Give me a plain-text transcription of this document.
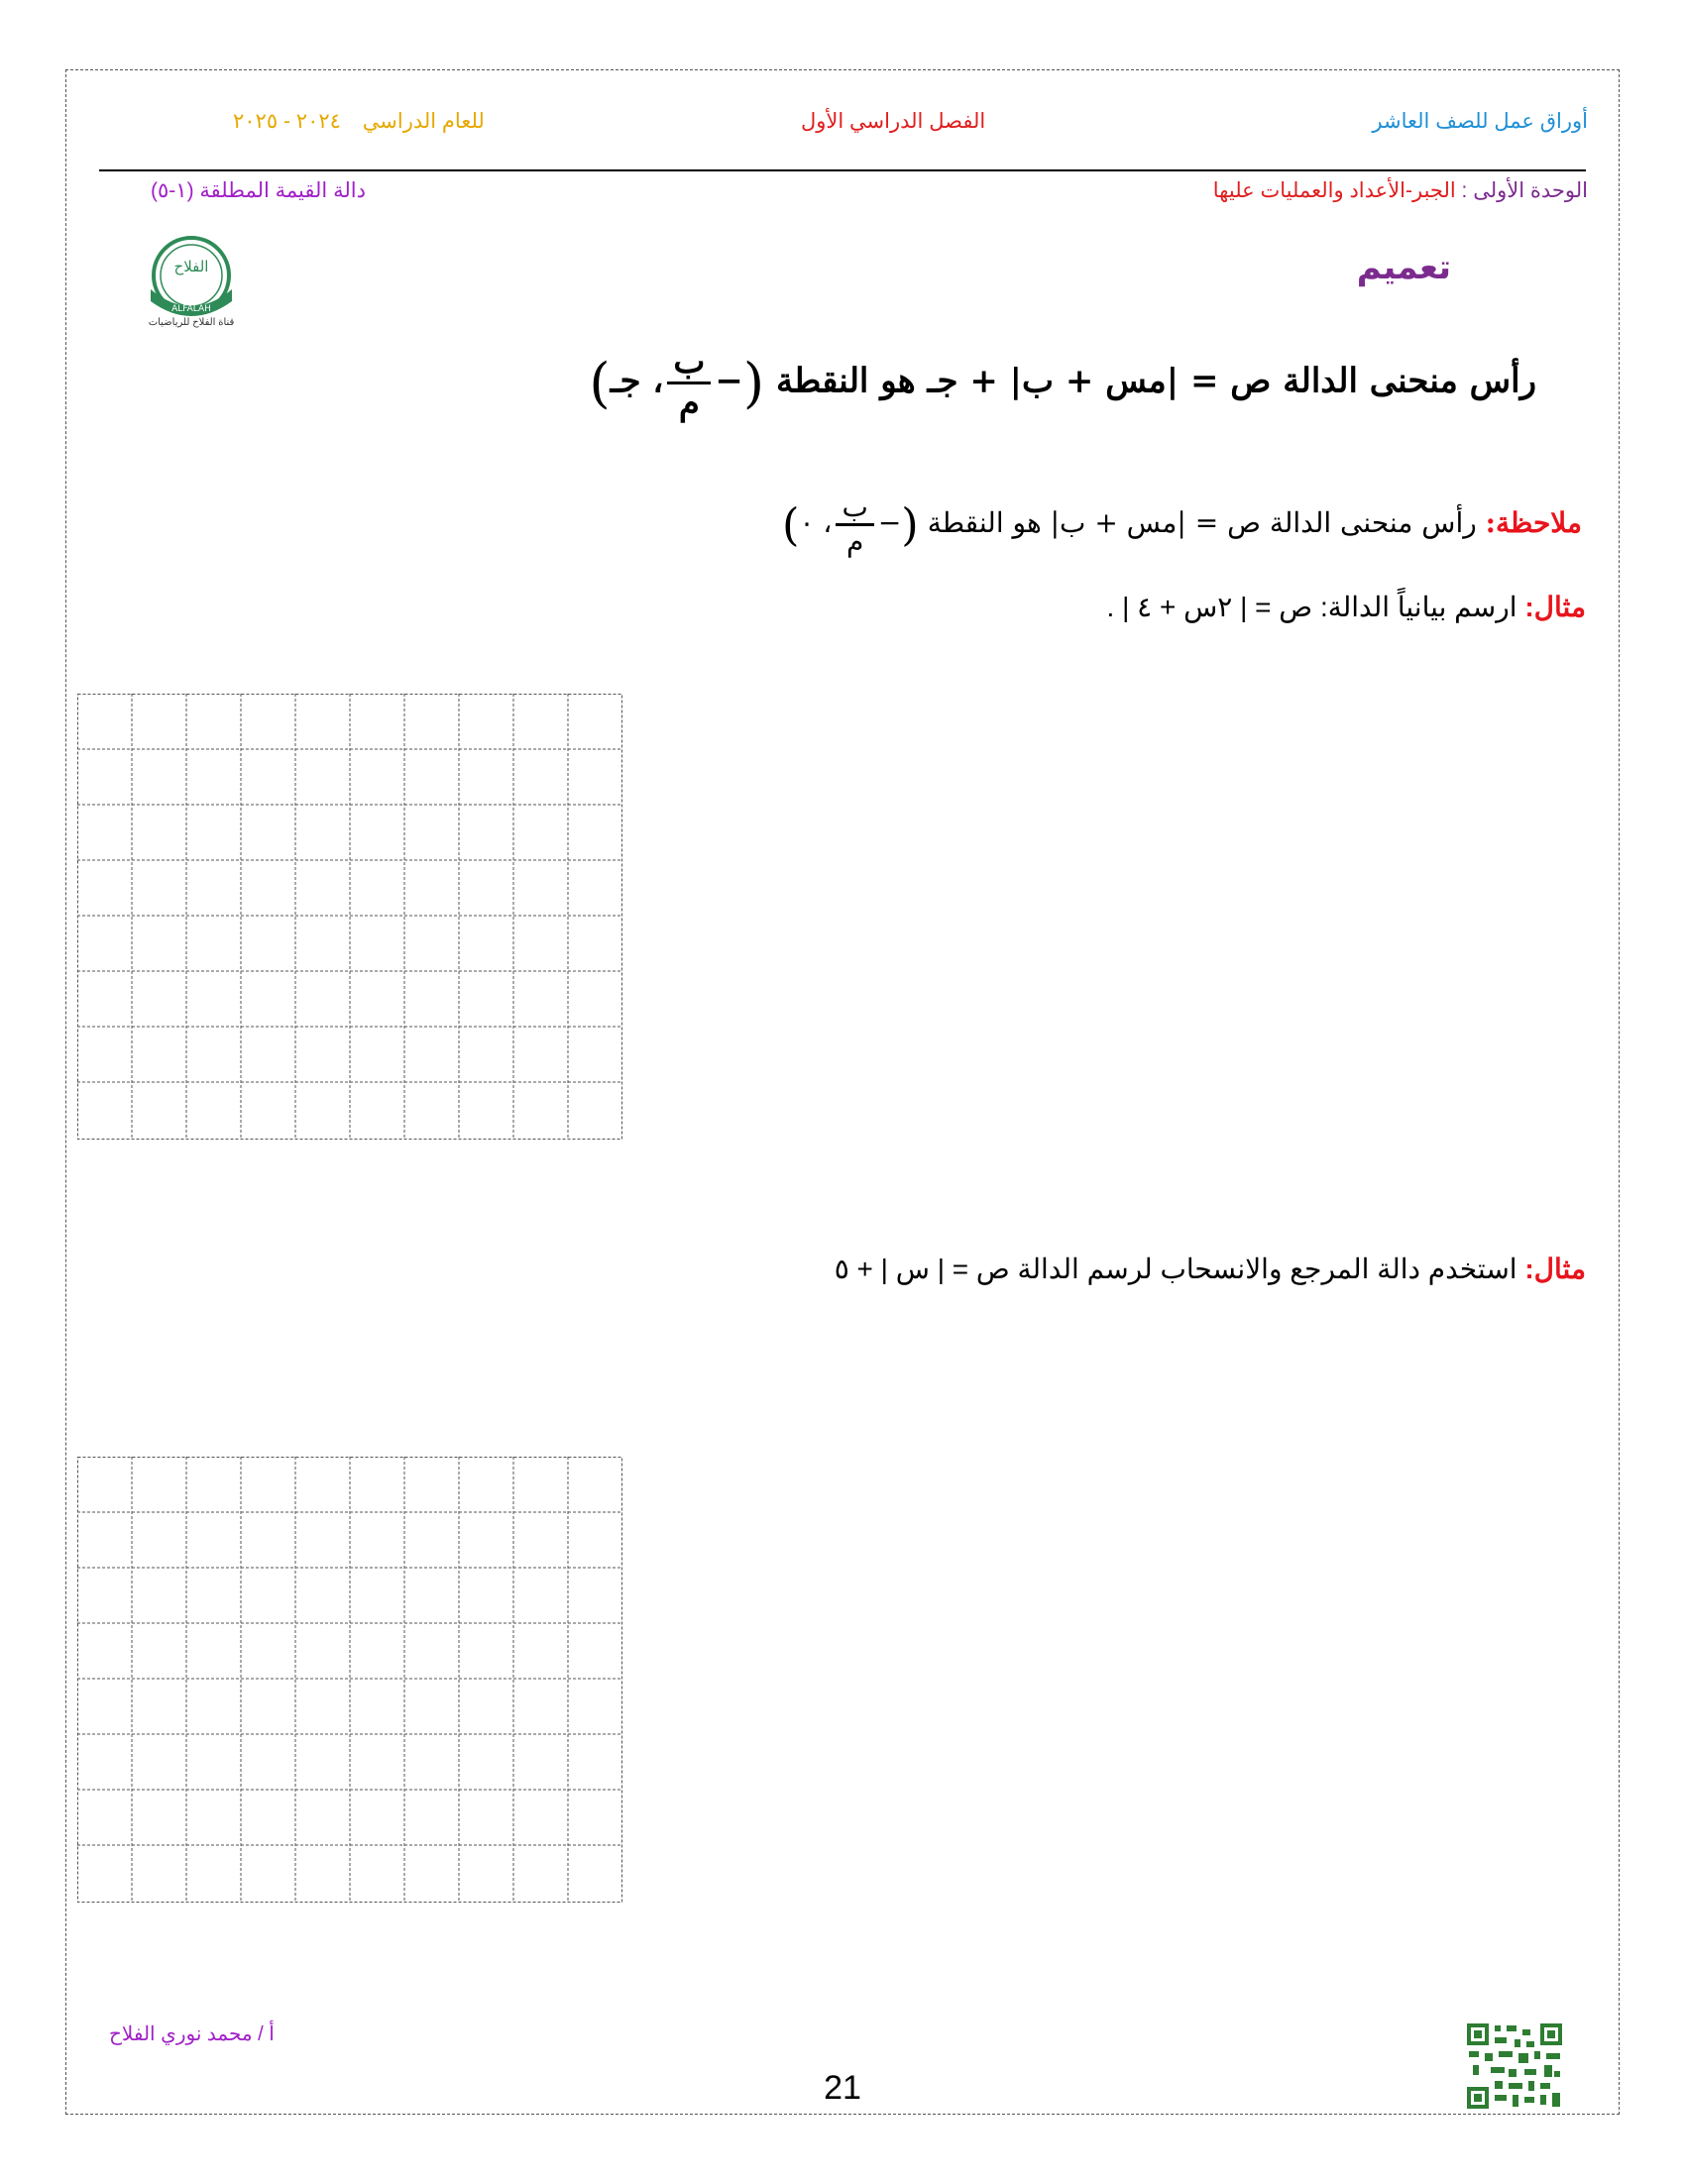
أوراق عمل للصف العاشر
الفصل الدراسي الأول
للعام الدراسي ٢٠٢٤ - ٢٠٢٥
الوحدة الأولى : الجبر-الأعداد والعمليات عليها
دالة القيمة المطلقة (١-٥)
الفلاح
ALFALAH
قناة الفلاح للرياضيات
تعميم
رأس منحنى الدالة ص = |مس + ب| + جـ هو النقطة (−
$\frac{\text{ب}}{\text{م}}$
، جـ)
ملاحظة: رأس منحنى الدالة ص = |مس + ب| هو النقطة (−
$\frac{\text{ب}}{\text{م}}$
، ٠)
مثال: ارسم بيانياً الدالة: ص = | ٢س + ٤ | .
مثال: استخدم دالة المرجع والانسحاب لرسم الدالة ص = | س | + ٥
أ / محمد نوري الفلاح
21
